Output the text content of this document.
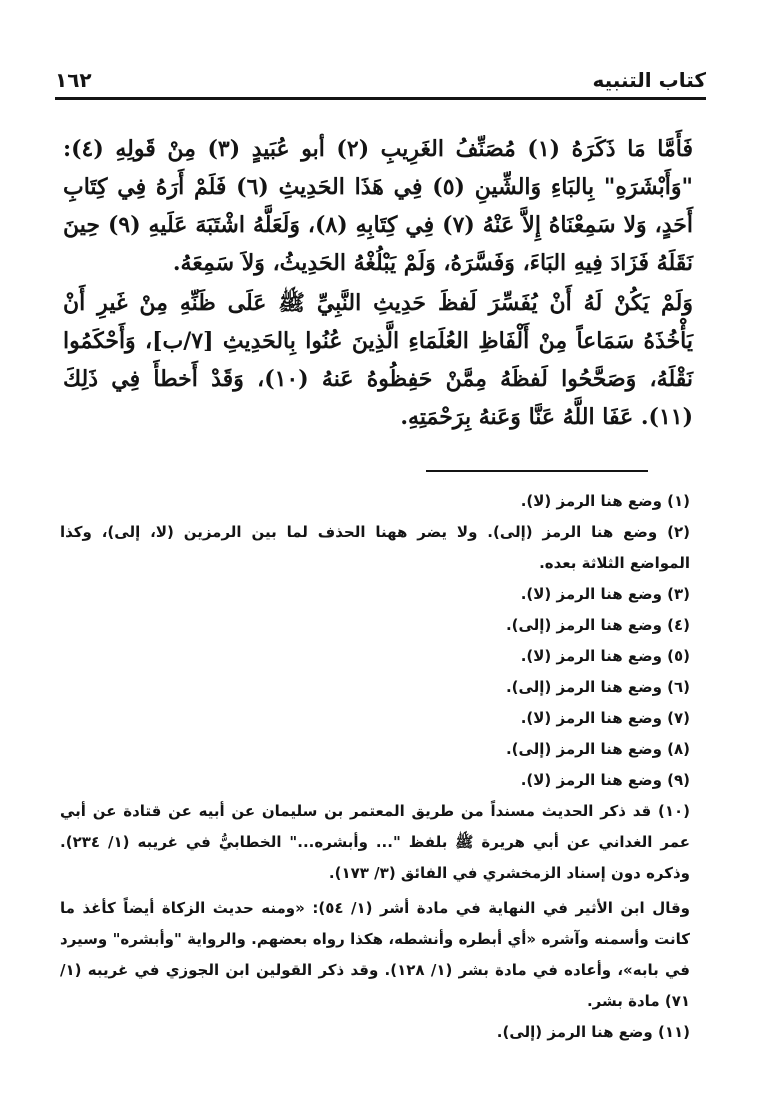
كتاب التنبيه
١٦٢

فَأَمَّا مَا ذَكَرَهُ (١) مُصَنِّفُ الغَرِيبِ (٢) أبو عُبَيدٍ (٣) مِنْ قَولِهِ (٤): "وَأَبْشَرَهِ" بِالبَاءِ وَالشِّينِ (٥) فِي هَذَا الحَدِيثِ (٦) فَلَمْ أَرَهُ فِي كِتَابِ أَحَدٍ، وَلا سَمِعْنَاهُ إِلاَّ عَنْهُ (٧) فِي كِتَابِهِ (٨)، وَلَعَلَّهُ اشْتَبَهَ عَلَيهِ (٩) حِينَ نَقَلَهُ فَزَادَ فِيهِ البَاءَ، وَفَسَّرَهُ، وَلَمْ يَبْلُغْهُ الحَدِيثُ، وَلاَ سَمِعَهُ.

وَلَمْ يَكُنْ لَهُ أَنْ يُفَسِّرَ لَفظَ حَدِيثِ النَّبِيِّ ﷺ عَلَى ظَنِّهِ مِنْ غَيرِ أَنْ يَأْخُذَهُ سَمَاعاً مِنْ أَلْفَاظِ العُلَمَاءِ الَّذِينَ عُنُوا بِالحَدِيثِ [٧/ب]، وَأَحْكَمُوا نَقْلَهُ، وَصَحَّحُوا لَفظَهُ مِمَّنْ حَفِظُوهُ عَنهُ (١٠)، وَقَدْ أَخطأَ فِي ذَلِكَ (١١). عَفَا اللَّهُ عَنَّا وَعَنهُ بِرَحْمَتِهِ.

(١) وضع هنا الرمز (لا).

(٢) وضع هنا الرمز (إلى). ولا يضر ههنا الحذف لما بين الرمزين (لا، إلى)، وكذا المواضع الثلاثة بعده.

(٣) وضع هنا الرمز (لا).

(٤) وضع هنا الرمز (إلى).

(٥) وضع هنا الرمز (لا).

(٦) وضع هنا الرمز (إلى).

(٧) وضع هنا الرمز (لا).

(٨) وضع هنا الرمز (إلى).

(٩) وضع هنا الرمز (لا).

(١٠) قد ذكر الحديث مسنداً من طريق المعتمر بن سليمان عن أبيه عن قتادة عن أبي عمر الغداني عن أبي هريرة ﷺ بلفظ "... وأبشره..." الخطابيُّ في غريبه (١/ ٢٣٤). وذكره دون إسناد الزمخشري في الفائق (٣/ ١٧٣).

وقال ابن الأثير في النهاية في مادة أشر (١/ ٥٤): «ومنه حديث الزكاة أيضاً كأغذ ما كانت وأسمنه وآشره «أي أبطره وأنشطه، هكذا رواه بعضهم. والرواية "وأبشره" وسيرد في بابه»، وأعاده في مادة بشر (١/ ١٢٨). وقد ذكر القولين ابن الجوزي في غريبه (١/ ٧١) مادة بشر.

(١١) وضع هنا الرمز (إلى).
